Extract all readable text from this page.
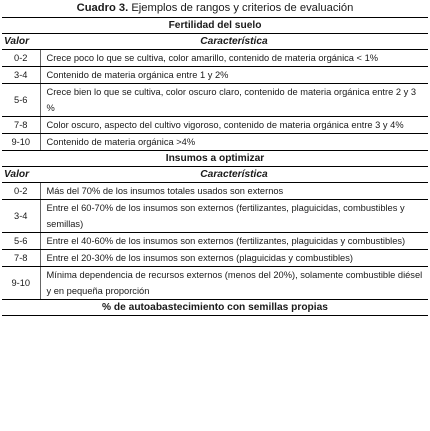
Cuadro 3. Ejemplos de rangos y criterios de evaluación
Fertilidad del suelo	
Valor	Característica
0-2	Crece poco lo que se cultiva, color amarillo, contenido de materia orgánica < 1%
3-4	Contenido de materia orgánica entre 1 y 2%
5-6	Crece bien lo que se cultiva, color oscuro claro, contenido de materia orgánica entre 2 y 3 %
7-8	Color oscuro, aspecto del cultivo vigoroso, contenido de materia orgánica entre 3 y 4%
9-10	Contenido de materia orgánica >4%
Insumos a optimizar	
Valor	Característica
0-2	Más del 70% de los insumos totales usados son externos
3-4	Entre el 60-70% de los insumos son externos (fertilizantes, plaguicidas, combustibles y semillas)
5-6	Entre el 40-60% de los insumos son externos (fertilizantes, plaguicidas y combustibles)
7-8	Entre el 20-30% de los insumos son externos (plaguicidas y combustibles)
9-10	Mínima dependencia de recursos externos (menos del 20%), solamente combustible diésel y en pequeña proporción
% de autoabastecimiento con semillas propias	
